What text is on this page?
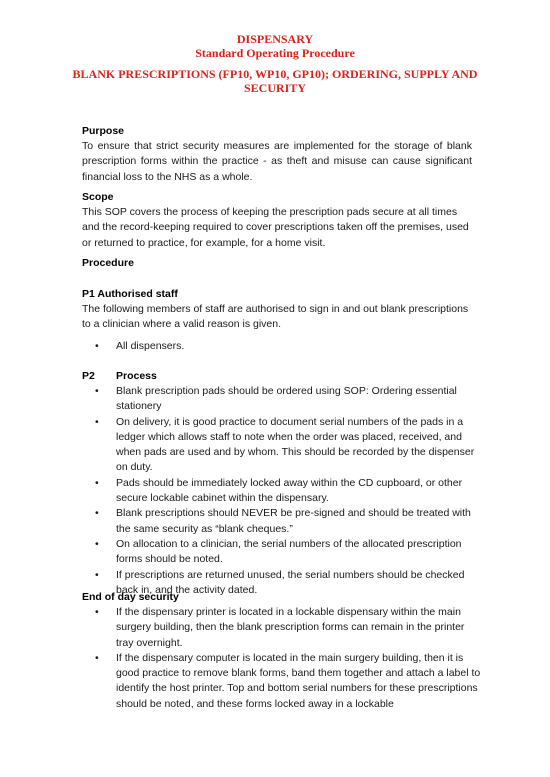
DISPENSARY
Standard Operating Procedure
BLANK PRESCRIPTIONS (FP10, WP10, GP10); ORDERING, SUPPLY AND
SECURITY
Purpose
To ensure that strict security measures are implemented for the storage of blank prescription forms within the practice - as theft and misuse can cause significant financial loss to the NHS as a whole.
Scope
This SOP covers the process of keeping the prescription pads secure at all times and the record-keeping required to cover prescriptions taken off the premises, used or returned to practice, for example, for a home visit.
Procedure
P1 Authorised staff
The following members of staff are authorised to sign in and out blank prescriptions to a clinician where a valid reason is given.
• All dispensers.
P2	Process
• Blank prescription pads should be ordered using SOP: Ordering essential stationery
• On delivery, it is good practice to document serial numbers of the pads in a ledger which allows staff to note when the order was placed, received, and when pads are used and by whom. This should be recorded by the dispenser on duty.
• Pads should be immediately locked away within the CD cupboard, or other secure lockable cabinet within the dispensary.
• Blank prescriptions should NEVER be pre-signed and should be treated with the same security as “blank cheques.”
• On allocation to a clinician, the serial numbers of the allocated prescription forms should be noted.
• If prescriptions are returned unused, the serial numbers should be checked back in, and the activity dated.
End of day security
• If the dispensary printer is located in a lockable dispensary within the main surgery building, then the blank prescription forms can remain in the printer tray overnight.
• If the dispensary computer is located in the main surgery building, then it is good practice to remove blank forms, band them together and attach a label to identify the host printer. Top and bottom serial numbers for these prescriptions should be noted, and these forms locked away in a lockable
